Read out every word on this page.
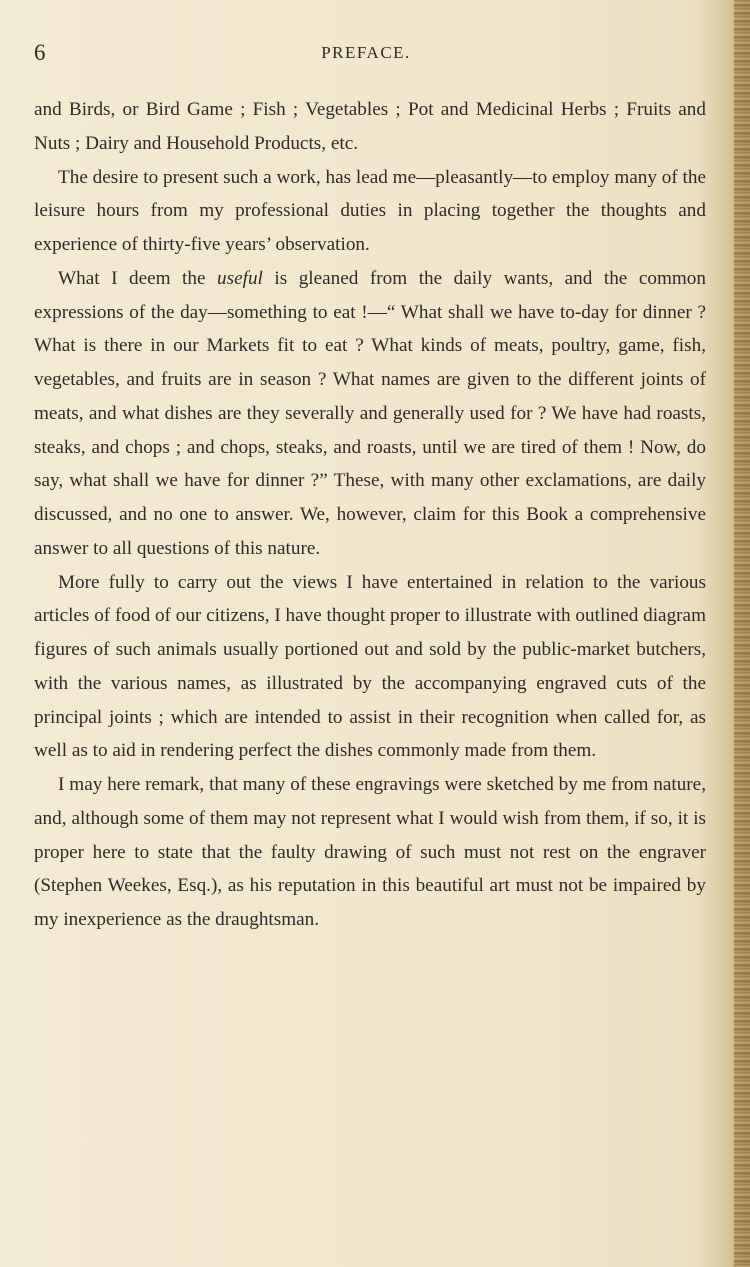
6	PREFACE.

and Birds, or Bird Game ; Fish ; Vegetables ; Pot and Medicinal Herbs ; Fruits and Nuts ; Dairy and Household Products, etc.

The desire to present such a work, has lead me—pleasantly—to employ many of the leisure hours from my professional duties in placing together the thoughts and experience of thirty-five years’ observation.

What I deem the useful is gleaned from the daily wants, and the common expressions of the day—something to eat !—“ What shall we have to-day for dinner ? What is there in our Markets fit to eat ? What kinds of meats, poultry, game, fish, vegetables, and fruits are in season ? What names are given to the different joints of meats, and what dishes are they severally and generally used for ? We have had roasts, steaks, and chops ; and chops, steaks, and roasts, until we are tired of them ! Now, do say, what shall we have for dinner ?” These, with many other exclamations, are daily discussed, and no one to answer. We, however, claim for this Book a comprehensive answer to all questions of this nature.

More fully to carry out the views I have entertained in relation to the various articles of food of our citizens, I have thought proper to illustrate with outlined diagram figures of such animals usually portioned out and sold by the public-market butchers, with the various names, as illustrated by the accompanying engraved cuts of the principal joints ; which are intended to assist in their recognition when called for, as well as to aid in rendering perfect the dishes commonly made from them.

I may here remark, that many of these engravings were sketched by me from nature, and, although some of them may not represent what I would wish from them, if so, it is proper here to state that the faulty drawing of such must not rest on the engraver (Stephen Weekes, Esq.), as his reputation in this beautiful art must not be impaired by my inexperience as the draughtsman.
